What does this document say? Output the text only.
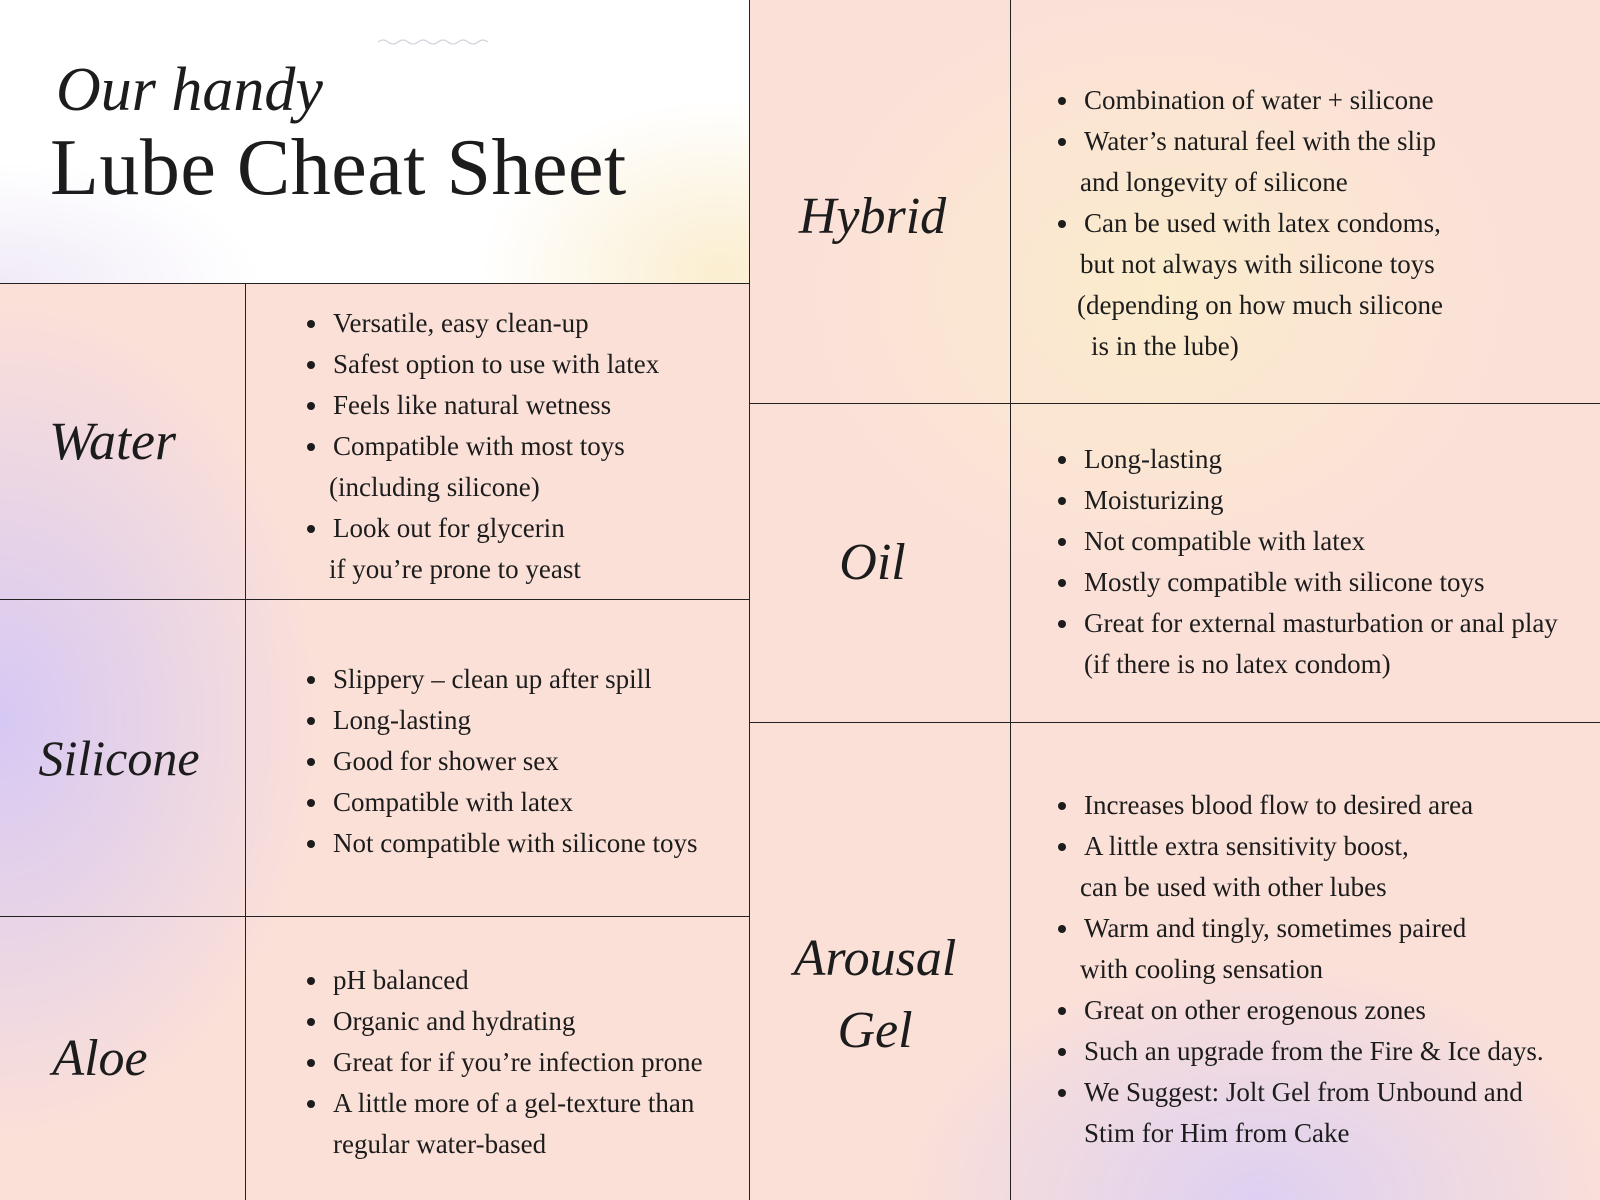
Our handy
Lube Cheat Sheet
Water
Versatile, easy clean-up
Safest option to use with latex
Feels like natural wetness
Compatible with most toys
(including silicone)
Look out for glycerin
if you’re prone to yeast
Silicone
Slippery – clean up after spill
Long-lasting
Good for shower sex
Compatible with latex
Not compatible with silicone toys
Aloe
pH balanced
Organic and hydrating
Great for if you’re infection prone
A little more of a gel-texture than
regular water-based
Hybrid
Combination of water + silicone
Water’s natural feel with the slip
and longevity of silicone
Can be used with latex condoms,
but not always with silicone toys
(depending on how much silicone
is in the lube)
Oil
Long-lasting
Moisturizing
Not compatible with latex
Mostly compatible with silicone toys
Great for external masturbation or anal play
(if there is no latex condom)
Arousal
Gel
Increases blood flow to desired area
A little extra sensitivity boost,
can be used with other lubes
Warm and tingly, sometimes paired
with cooling sensation
Great on other erogenous zones
Such an upgrade from the Fire & Ice days.
We Suggest: Jolt Gel from Unbound and
Stim for Him from Cake
